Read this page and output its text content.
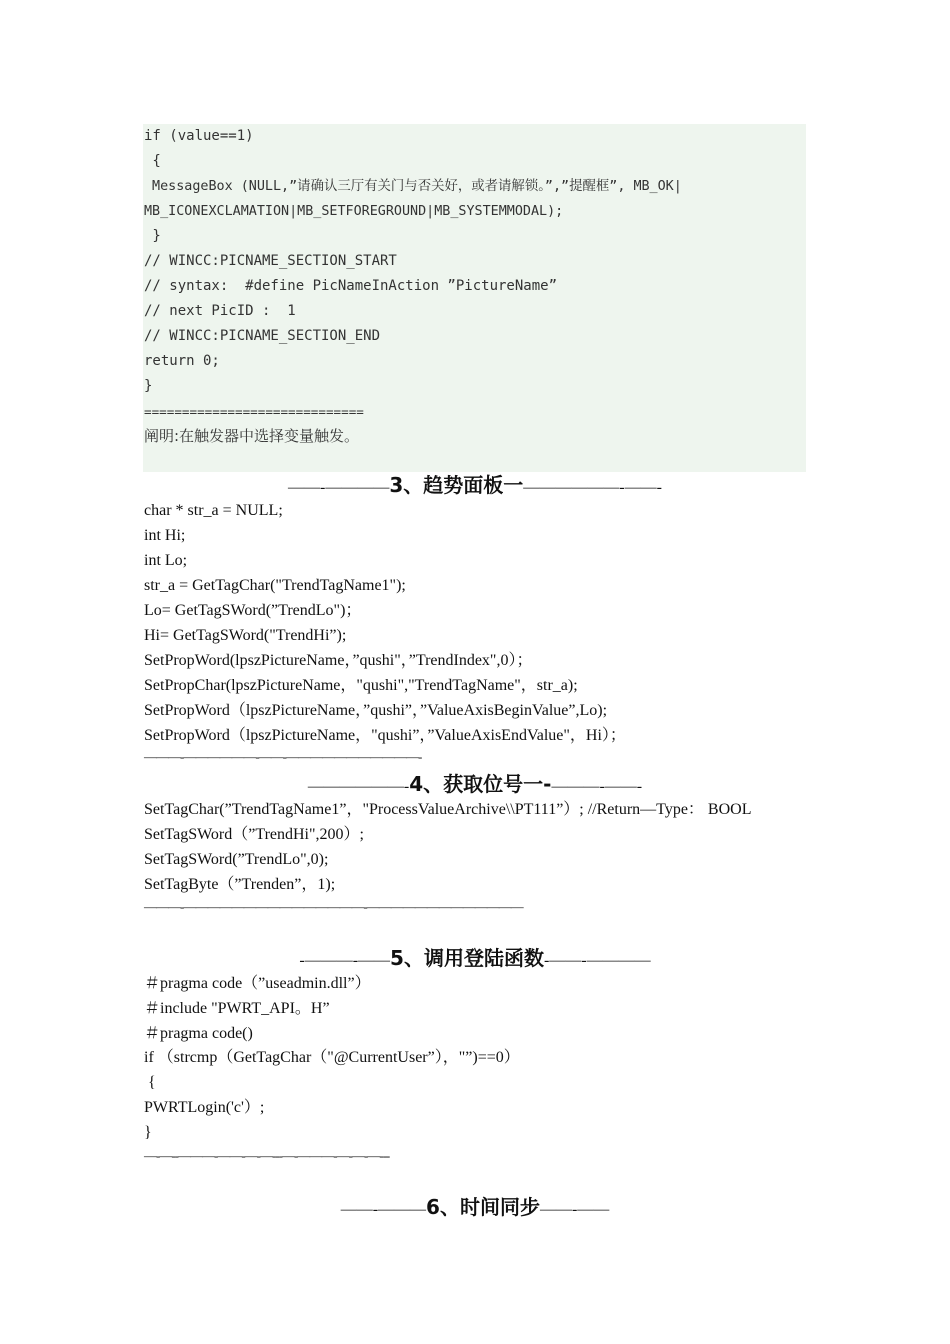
if (value==1)
{
MessageBox (NULL,”请确认三厅有关门与否关好，或者请解锁。”,”提醒框”, MB_OK|
MB_ICONEXCLAMATION|MB_SETFOREGROUND|MB_SYSTEMMODAL);
}
// WINCC:PICNAME_SECTION_START
// syntax:  #define PicNameInAction ”PictureName”
// next PicID :  1
// WINCC:PICNAME_SECTION_END
return 0;
}
=============================
阐明:在触发器中选择变量触发。
——-————3、趋势面板一——————-——-
char * str_a = NULL;
int Hi;
int Lo;
str_a = GetTagChar("TrendTagName1");
Lo= GetTagSWord(”TrendLo")；
Hi= GetTagSWord("TrendHi”);
SetPropWord(lpszPictureName，”qushi"，”TrendIndex",0）；
SetPropChar(lpszPictureName，"qushi","TrendTagName"，str_a);
SetPropWord（lpszPictureName，”qushi”，”ValueAxisBeginValue”,Lo);
SetPropWord（lpszPictureName，"qushi”，”ValueAxisEndValue"，Hi）；
———-——————-——-———————————-
——————-4、获取位号一-———-——-
SetTagChar(”TrendTagName1”，"ProcessValueArchive\\PT111”）; //Return—Type： BOOL
SetTagSWord（”TrendHi",200）;
SetTagSWord(”TrendLo",0);
SetTagByte（”Trenden”，1);
———-———————————————-—————————————
-———-——5、调用登陆函数-——-————
＃pragma code（”useadmin.dll”）
＃include "PWRT_API。H”
＃pragma code()
if （strcmp（GetTagChar（"@CurrentUser”），"”)==0）
{
PWRTLogin('c'）;
}
—-—--———-——-—-—---—-———-—-—-—---
——-———6、时间同步——-——
